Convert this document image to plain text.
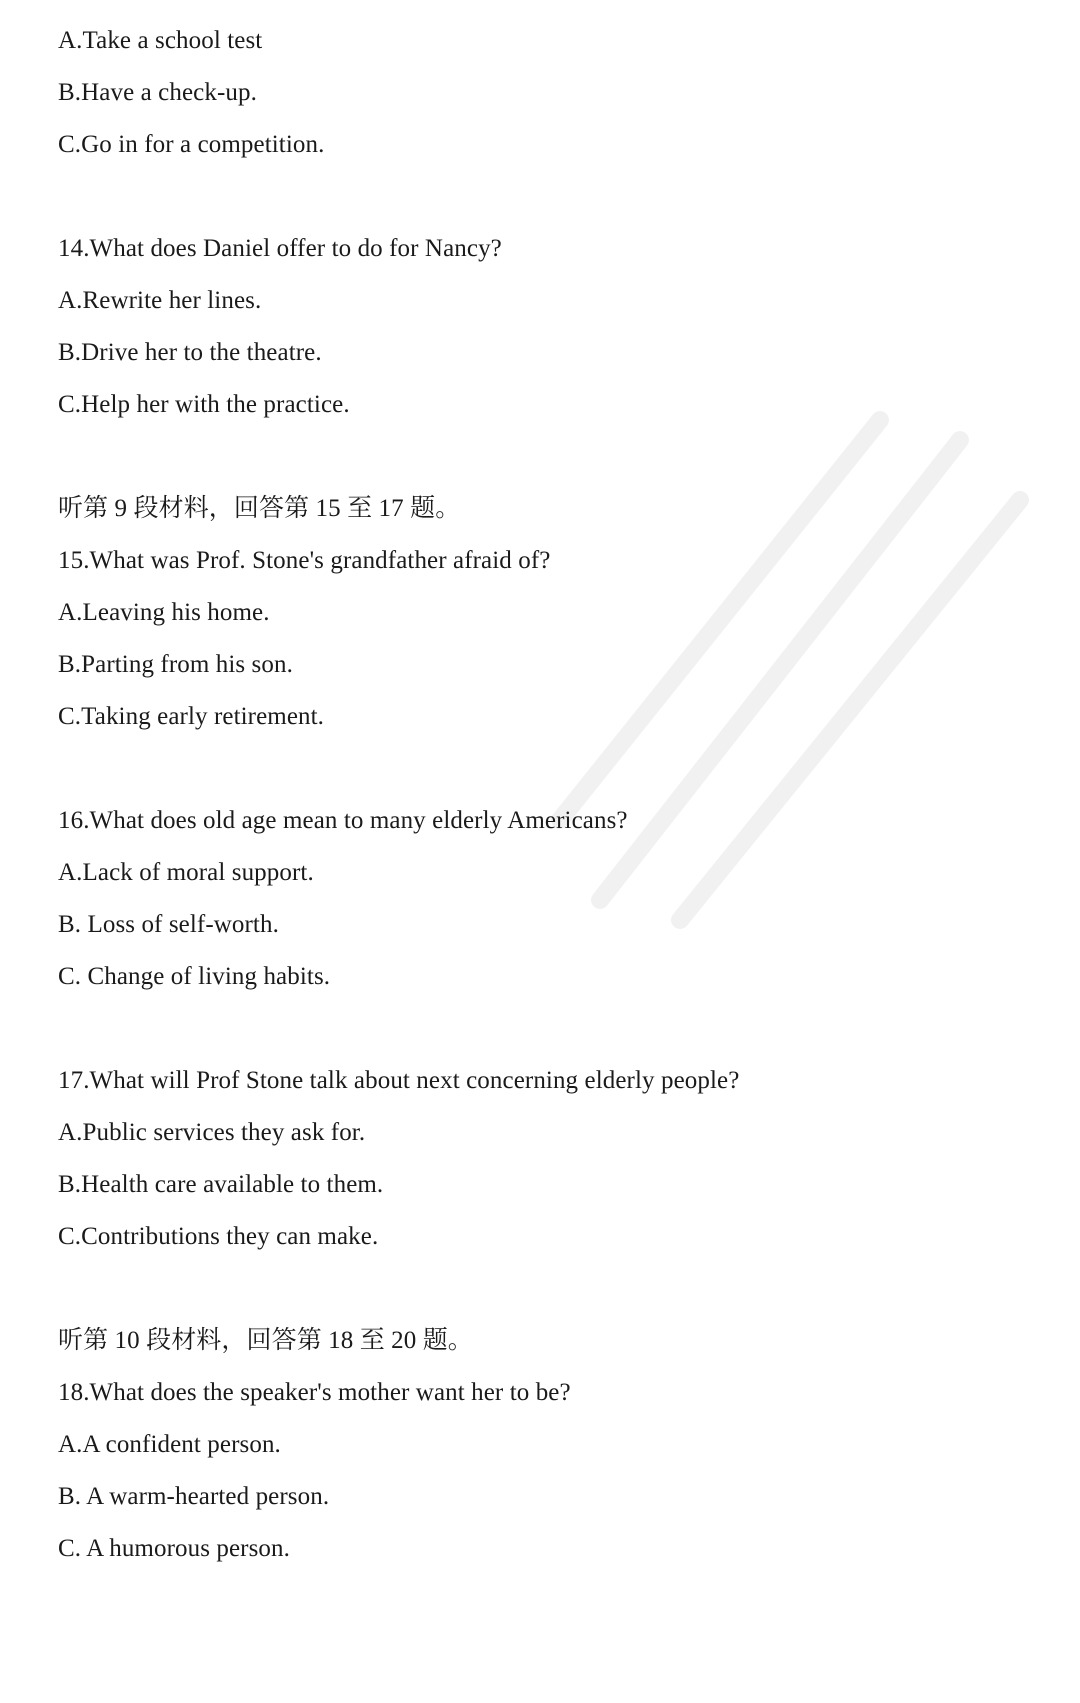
A.Take a school test
B.Have a check-up.
C.Go in for a competition.
14.What does Daniel offer to do for Nancy?
A.Rewrite her lines.
B.Drive her to the theatre.
C.Help her with the practice.
听第 9 段材料，回答第 15 至 17 题。
15.What was Prof. Stone's grandfather afraid of?
A.Leaving his home.
B.Parting from his son.
C.Taking early retirement.
16.What does old age mean to many elderly Americans?
A.Lack of moral support.
B. Loss of self-worth.
C. Change of living habits.
17.What will Prof Stone talk about next concerning elderly people?
A.Public services they ask for.
B.Health care available to them.
C.Contributions they can make.
听第 10 段材料，回答第 18 至 20 题。
18.What does the speaker's mother want her to be?
A.A confident person.
B. A warm-hearted person.
C. A humorous person.
